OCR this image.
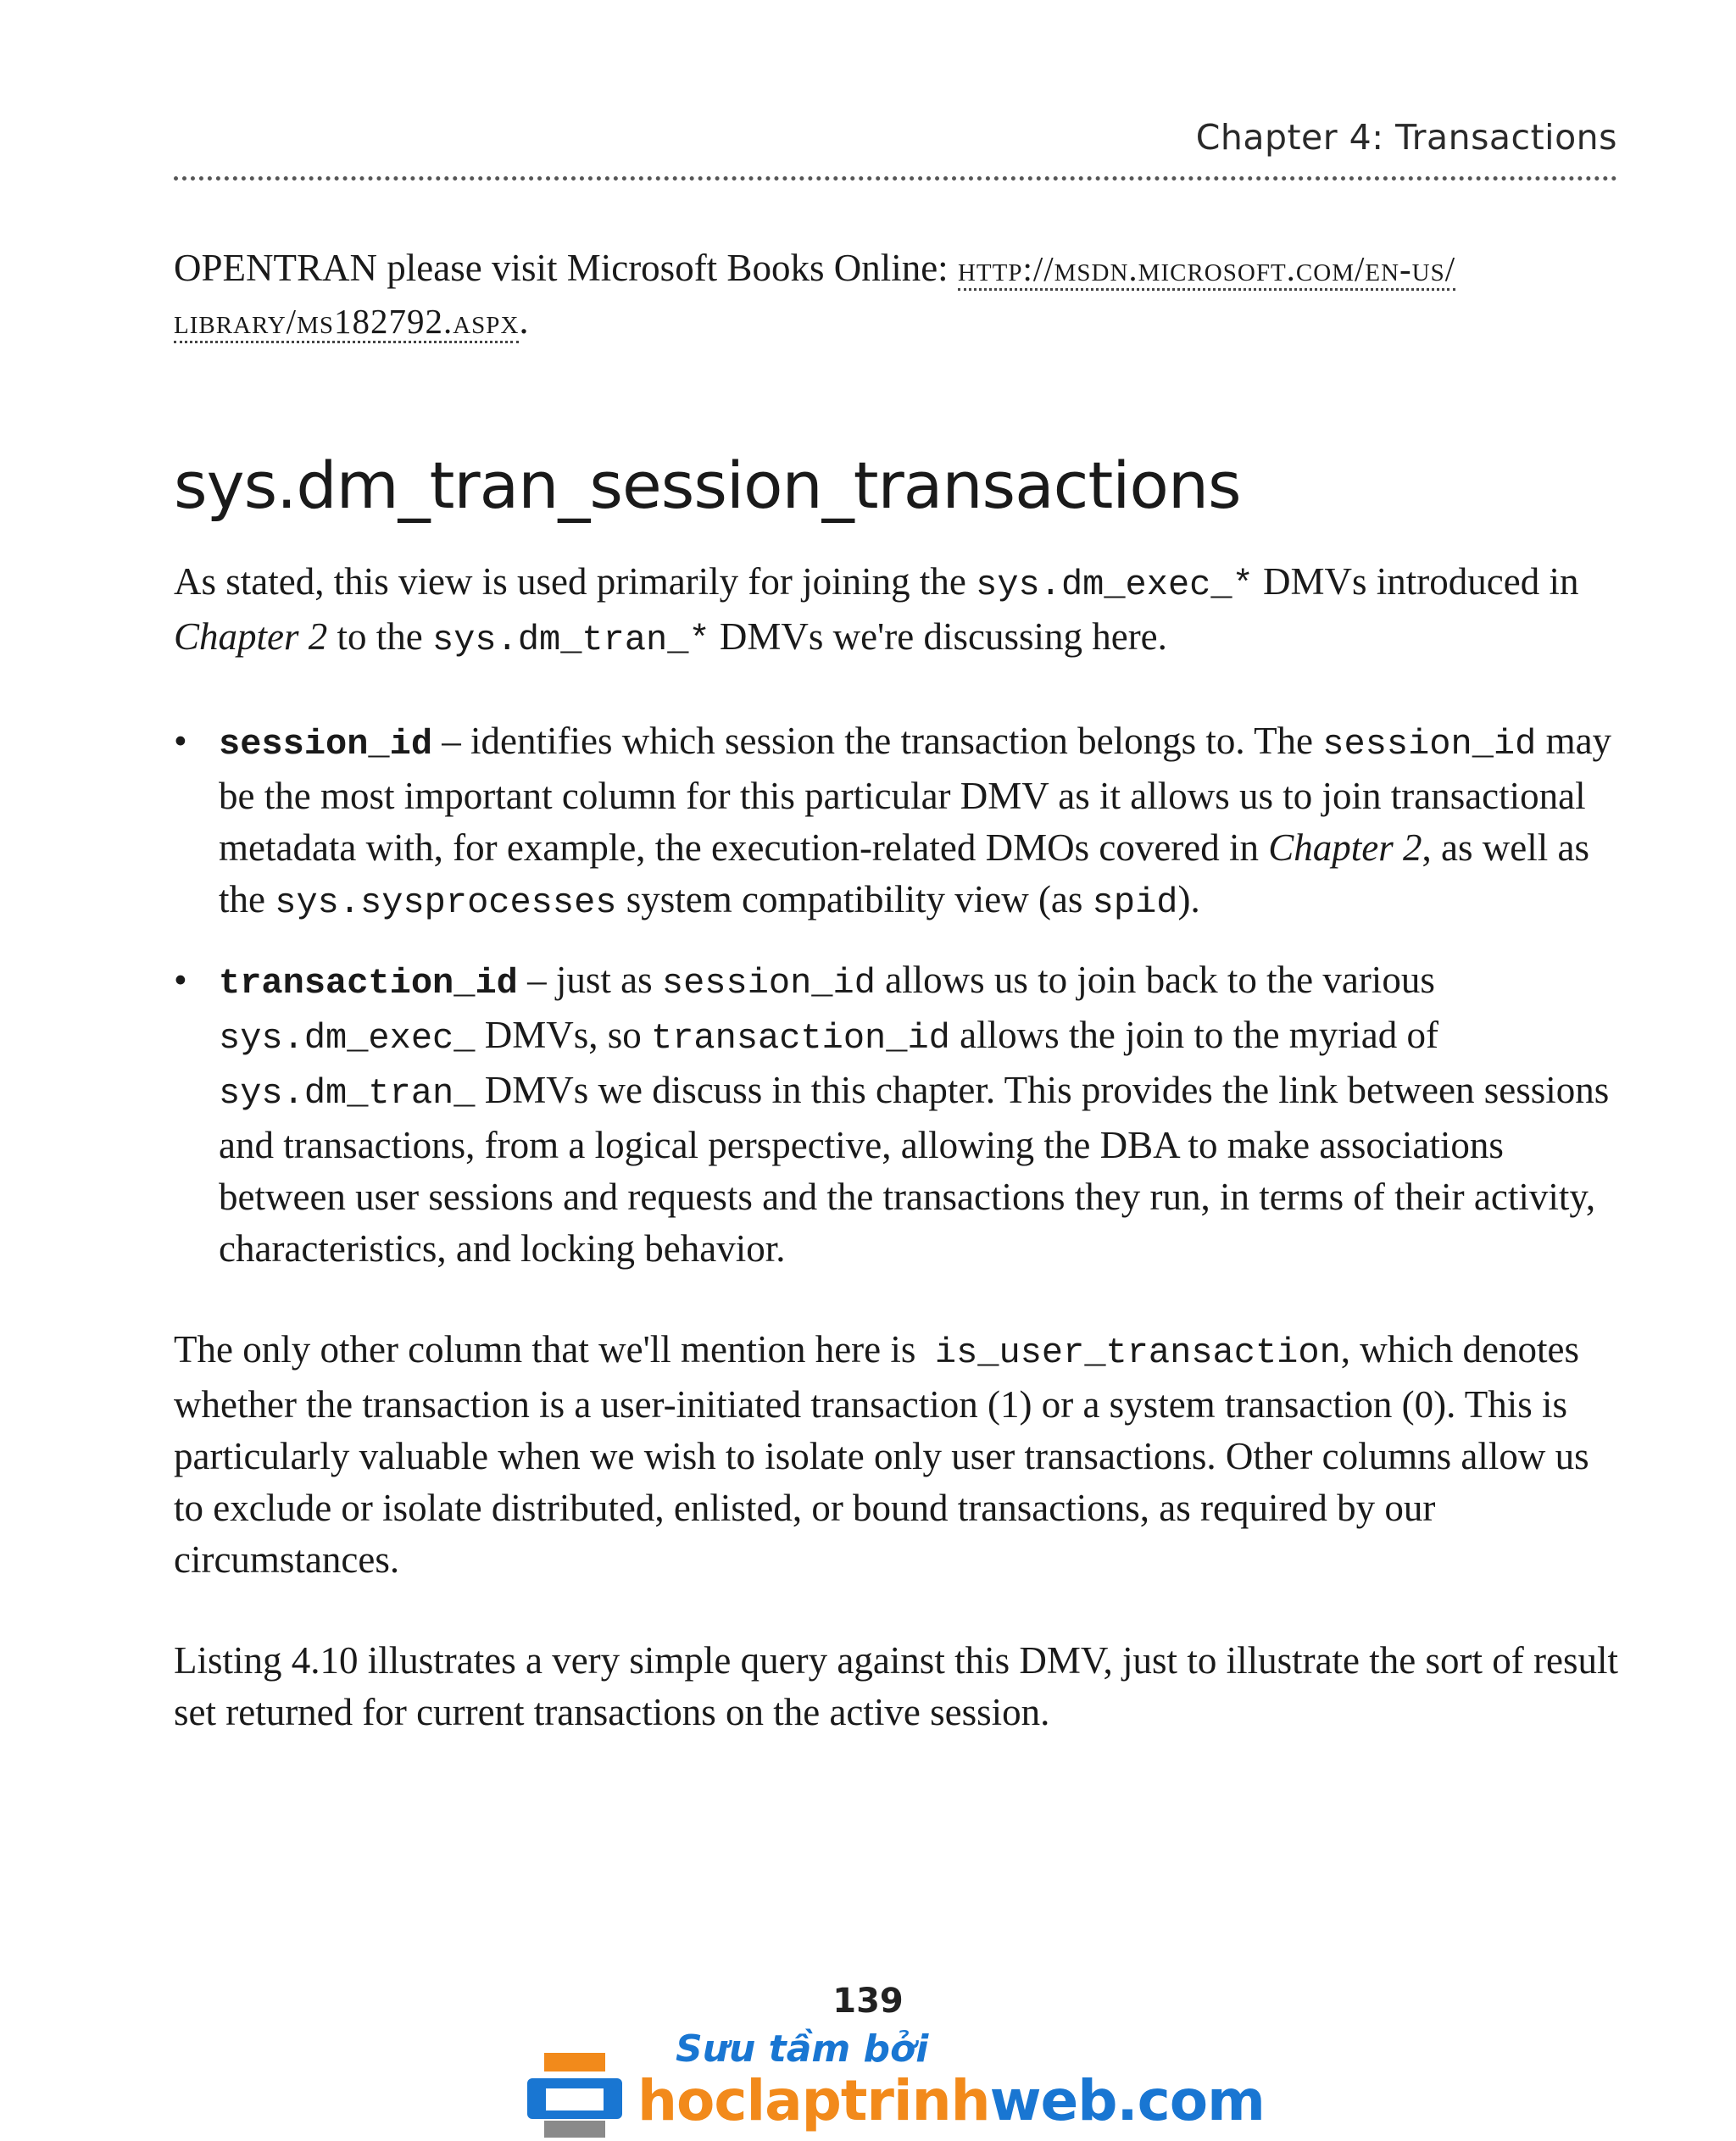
Chapter 4: Transactions

OPENTRAN please visit Microsoft Books Online: http://msdn.microsoft.com/en-us/
library/ms182792.aspx.

sys.dm_tran_session_transactions

As stated, this view is used primarily for joining the sys.dm_exec_* DMVs introduced in Chapter 2 to the sys.dm_tran_* DMVs we're discussing here.

• session_id – identifies which session the transaction belongs to. The session_id may be the most important column for this particular DMV as it allows us to join transactional metadata with, for example, the execution-related DMOs covered in Chapter 2, as well as the sys.sysprocesses system compatibility view (as spid).
• transaction_id – just as session_id allows us to join back to the various sys.dm_exec_ DMVs, so transaction_id allows the join to the myriad of sys.dm_tran_ DMVs we discuss in this chapter. This provides the link between sessions and transactions, from a logical perspective, allowing the DBA to make associations between user sessions and requests and the transactions they run, in terms of their activity, characteristics, and locking behavior.

The only other column that we'll mention here is  is_user_transaction, which denotes whether the transaction is a user-initiated transaction (1) or a system transaction (0). This is particularly valuable when we wish to isolate only user transactions. Other columns allow us to exclude or isolate distributed, enlisted, or bound transactions, as required by our circumstances.

Listing 4.10 illustrates a very simple query against this DMV, just to illustrate the sort of result set returned for current transactions on the active session.

139
Sưu tầm bởi
hoclaptrinhweb.com
